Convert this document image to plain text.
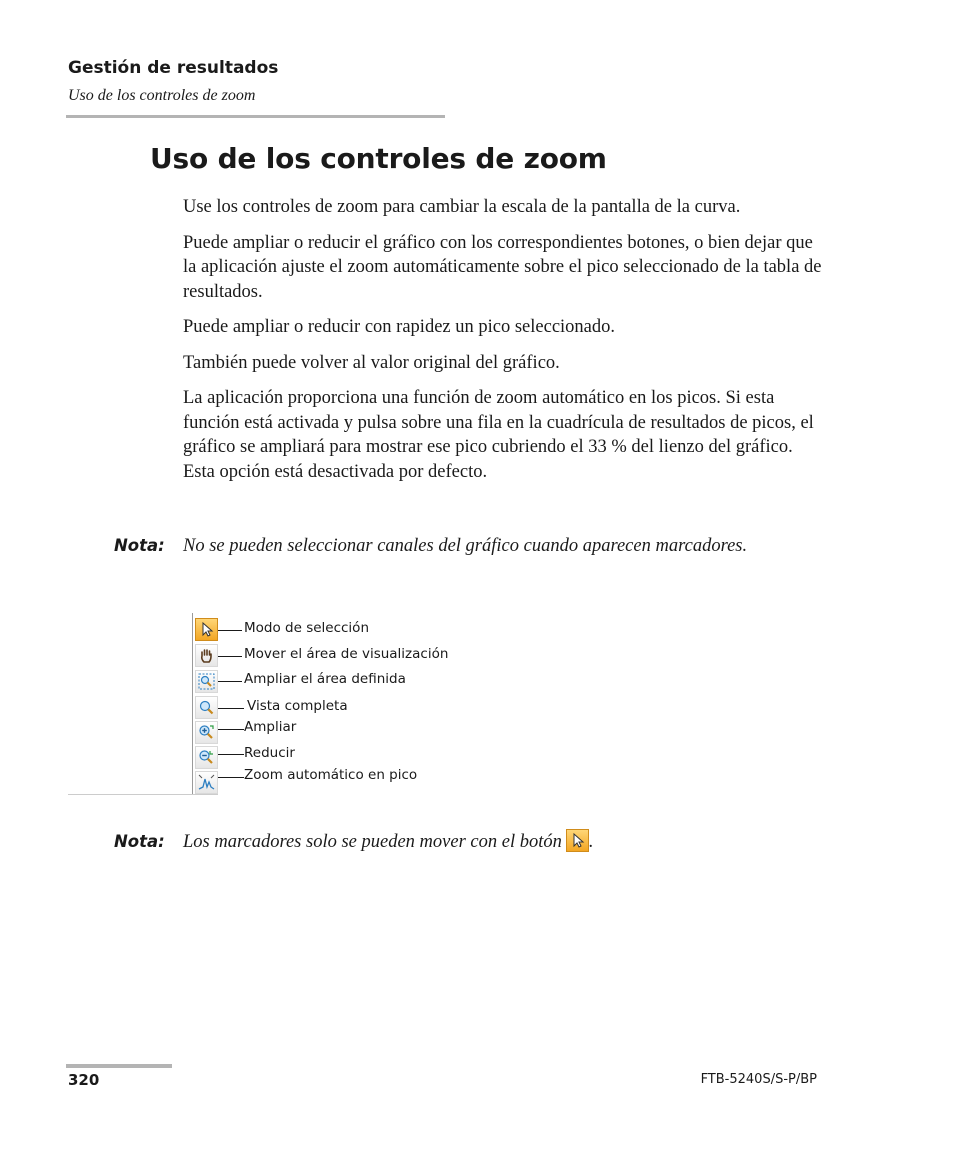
Gestión de resultados
Uso de los controles de zoom
Uso de los controles de zoom

Use los controles de zoom para cambiar la escala de la pantalla de la curva.

Puede ampliar o reducir el gráfico con los correspondientes botones, o bien dejar que la aplicación ajuste el zoom automáticamente sobre el pico seleccionado de la tabla de resultados.

Puede ampliar o reducir con rapidez un pico seleccionado.

También puede volver al valor original del gráfico.

La aplicación proporciona una función de zoom automático en los picos. Si esta función está activada y pulsa sobre una fila en la cuadrícula de resultados de picos, el gráfico se ampliará para mostrar ese pico cubriendo el 33 % del lienzo del gráfico. Esta opción está desactivada por defecto.

Nota: No se pueden seleccionar canales del gráfico cuando aparecen marcadores.
Modo de selección
Mover el área de visualización
Ampliar el área definida
Vista completa
Ampliar
Reducir
Zoom automático en pico
Nota: Los marcadores solo se pueden mover con el botón .
320	FTB-5240S/S-P/BP
